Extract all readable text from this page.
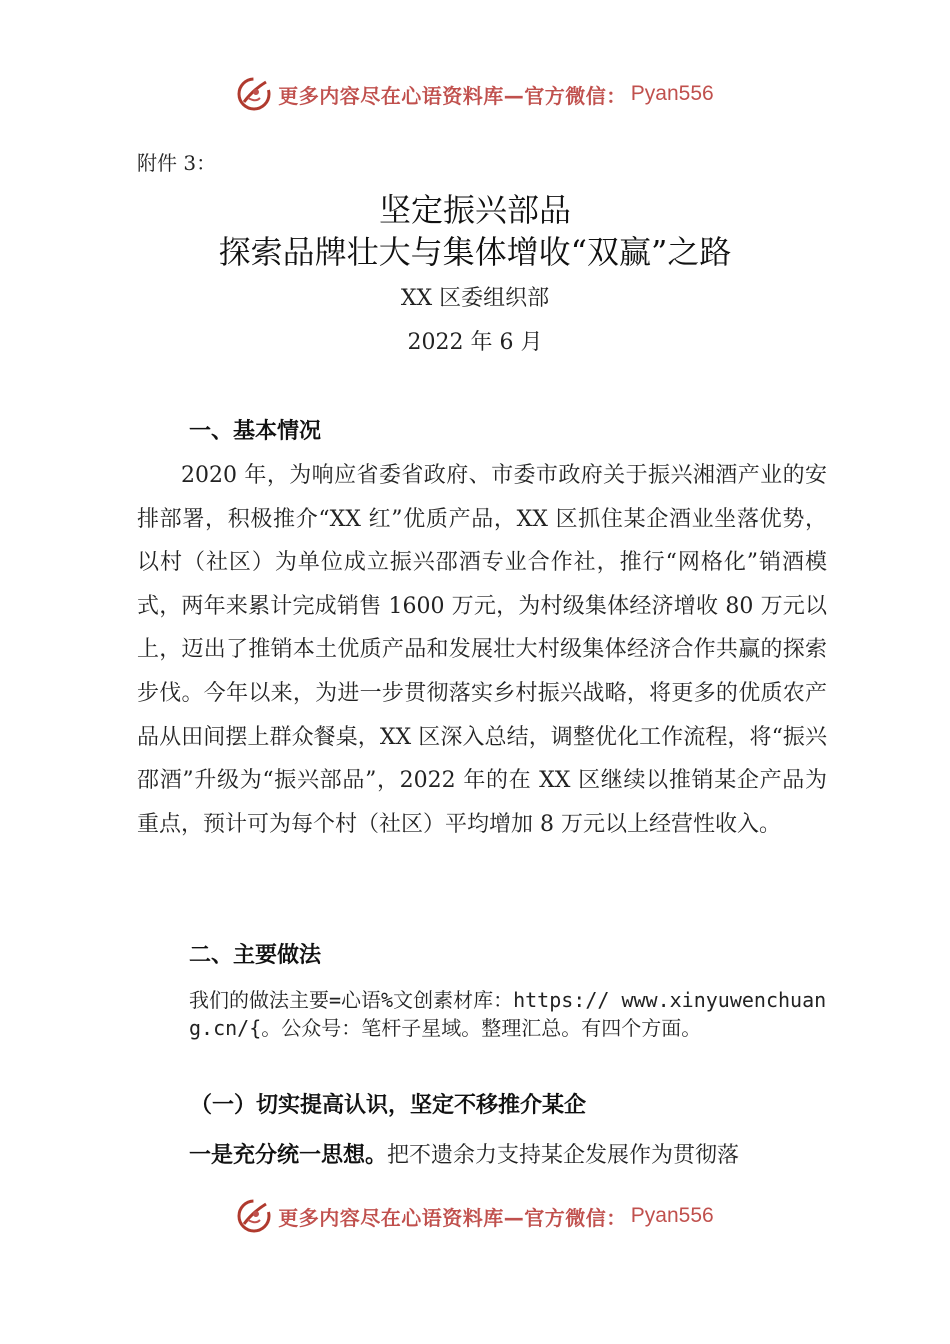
更多内容尽在心语资料库—官方微信： Pyan556
附件 3：
坚定振兴部品
探索品牌壮大与集体增收“双赢”之路
XX 区委组织部
2022 年 6 月
一、基本情况

2020 年，为响应省委省政府、市委市政府关于振兴湘酒产业的安排部署，积极推介“XX 红”优质产品，XX 区抓住某企酒业坐落优势，以村（社区）为单位成立振兴邵酒专业合作社，推行“网格化”销酒模式，两年来累计完成销售 1600 万元，为村级集体经济增收 80 万元以上，迈出了推销本土优质产品和发展壮大村级集体经济合作共赢的探索步伐。今年以来，为进一步贯彻落实乡村振兴战略，将更多的优质农产品从田间摆上群众餐桌，XX 区深入总结，调整优化工作流程，将“振兴邵酒”升级为“振兴部品”，2022 年的在 XX 区继续以推销某企产品为重点，预计可为每个村（社区）平均增加 8 万元以上经营性收入。

二、主要做法

我们的做法主要=心语%文创素材库：https:// www.xinyuwenchuang.cn/{。公众号：笔杆子星域。整理汇总。有四个方面。

（一）切实提高认识，坚定不移推介某企
一是充分统一思想。把不遗余力支持某企发展作为贯彻落
更多内容尽在心语资料库—官方微信： Pyan556
